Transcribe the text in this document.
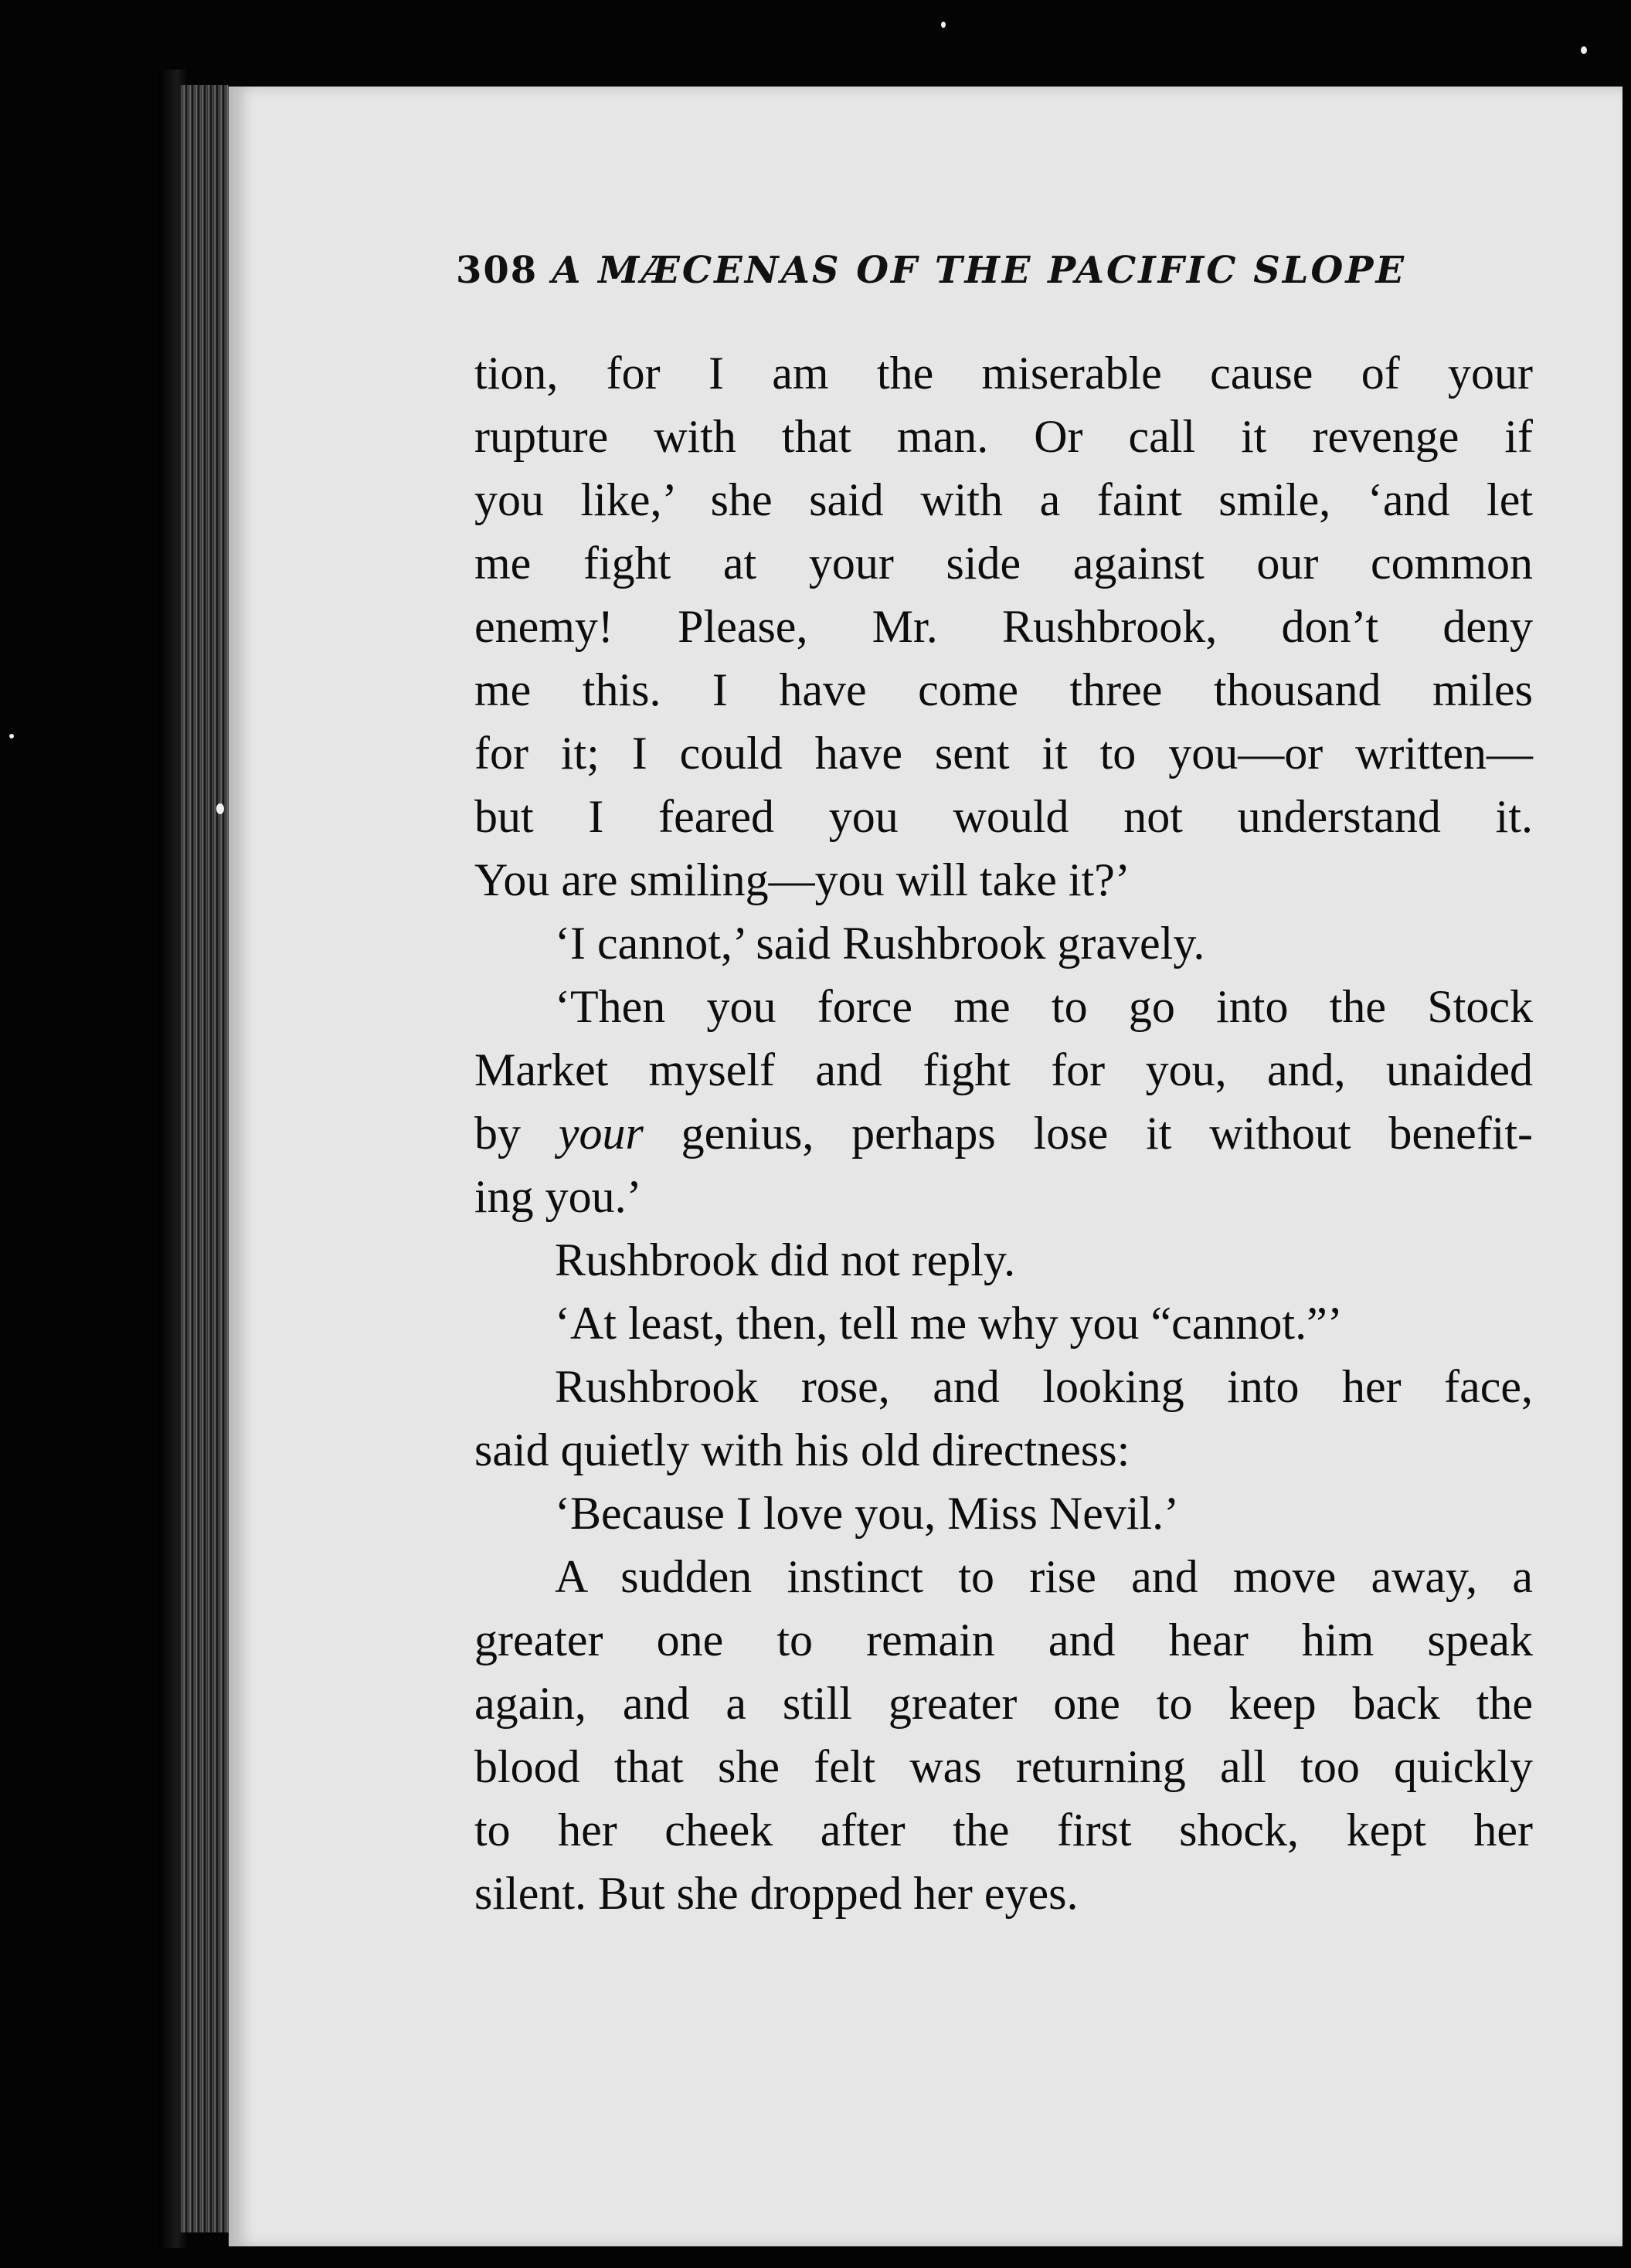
308 A MÆCENAS OF THE PACIFIC SLOPE
tion, for I am the miserable cause of your
rupture with that man. Or call it revenge if
you like,’ she said with a faint smile, ‘and let
me fight at your side against our common
enemy! Please, Mr. Rushbrook, don’t deny
me this. I have come three thousand miles
for it; I could have sent it to you—or written—
but I feared you would not understand it.
You are smiling—you will take it?’
‘I cannot,’ said Rushbrook gravely.
‘Then you force me to go into the Stock
Market myself and fight for you, and, unaided
by your genius, perhaps lose it without benefit-
ing you.’
Rushbrook did not reply.
‘At least, then, tell me why you “cannot.”’
Rushbrook rose, and looking into her face,
said quietly with his old directness:
‘Because I love you, Miss Nevil.’
A sudden instinct to rise and move away, a
greater one to remain and hear him speak
again, and a still greater one to keep back the
blood that she felt was returning all too quickly
to her cheek after the first shock, kept her
silent. But she dropped her eyes.
